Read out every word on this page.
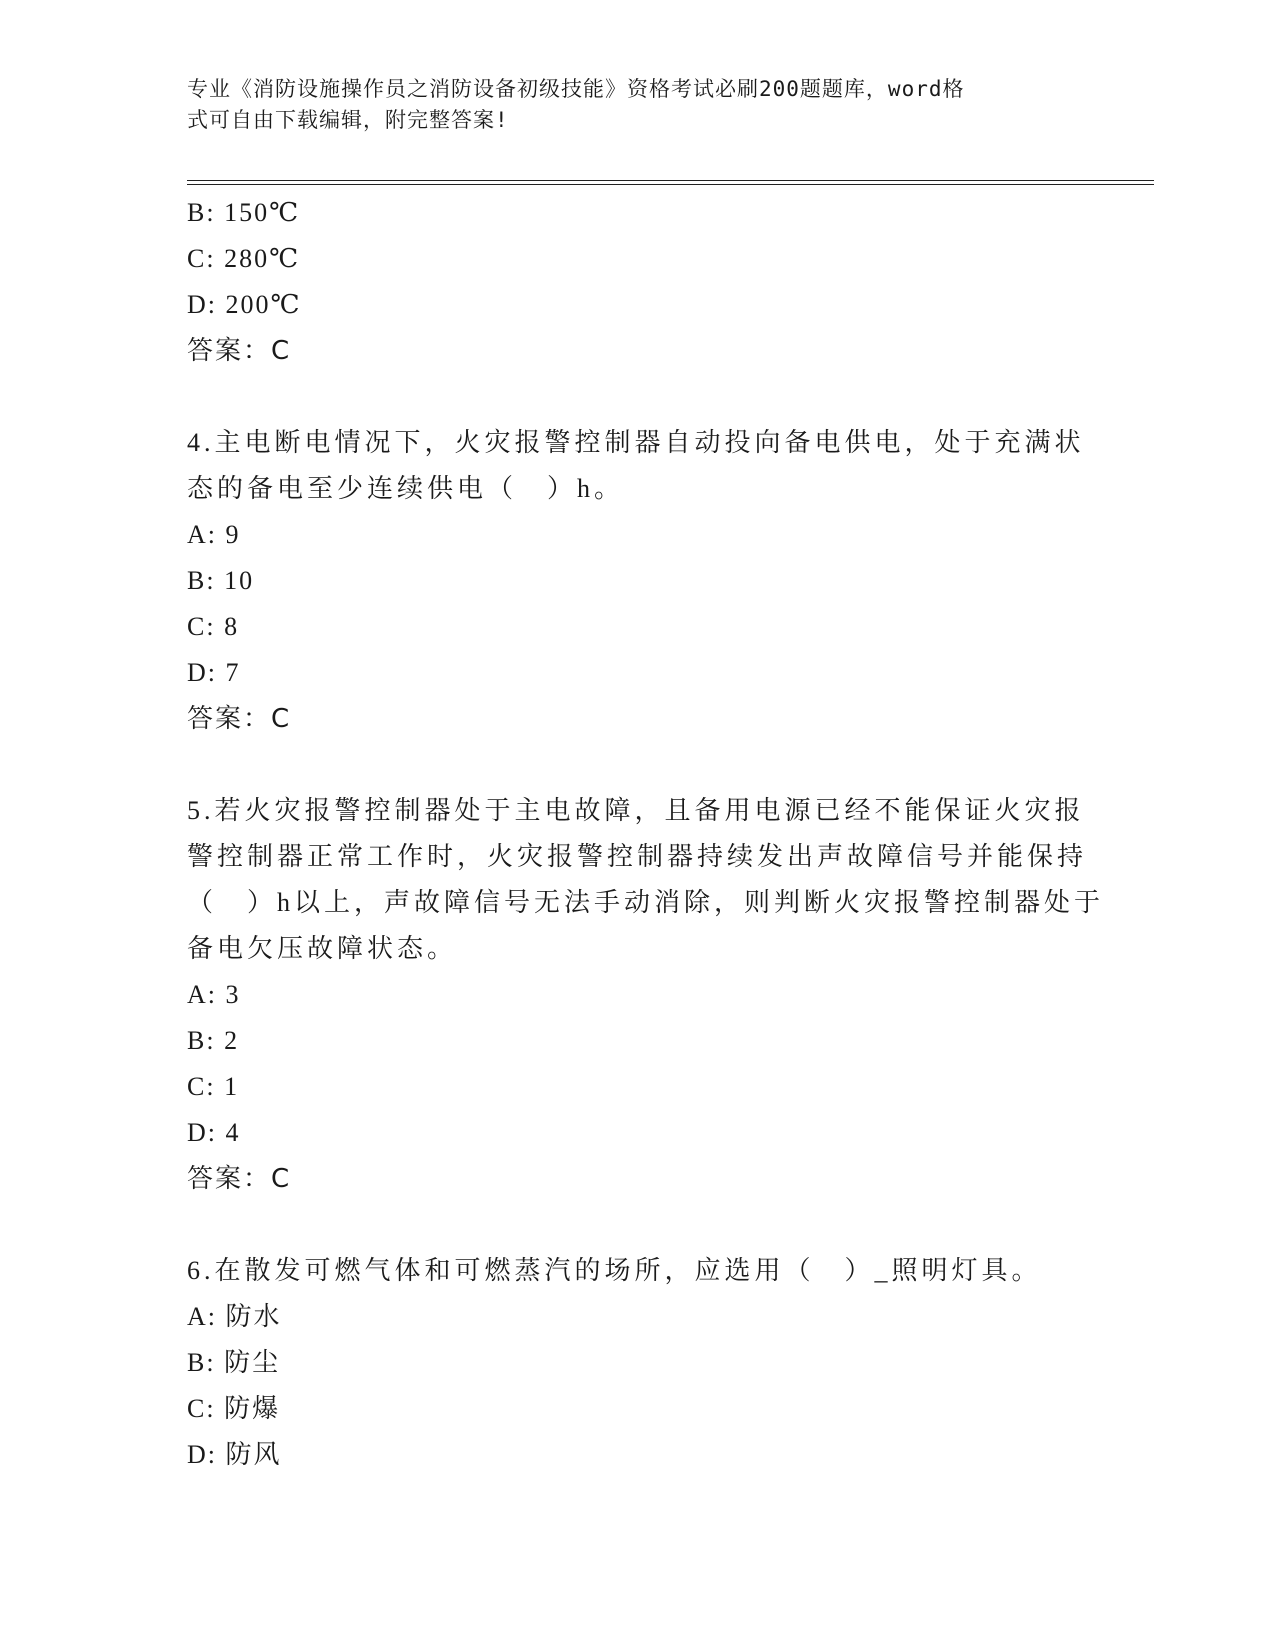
专业《消防设施操作员之消防设备初级技能》资格考试必刷200题题库，word格
式可自由下载编辑，附完整答案!
B: 150℃
C: 280℃
D: 200℃
答案：C
4.主电断电情况下，火灾报警控制器自动投向备电供电，处于充满状
态的备电至少连续供电（　）h。
A: 9
B: 10
C: 8
D: 7
答案：C
5.若火灾报警控制器处于主电故障，且备用电源已经不能保证火灾报
警控制器正常工作时，火灾报警控制器持续发出声故障信号并能保持
（　）h以上，声故障信号无法手动消除，则判断火灾报警控制器处于
备电欠压故障状态。
A: 3
B: 2
C: 1
D: 4
答案：C
6.在散发可燃气体和可燃蒸汽的场所，应选用（　）_照明灯具。
A: 防水
B: 防尘
C: 防爆
D: 防风
